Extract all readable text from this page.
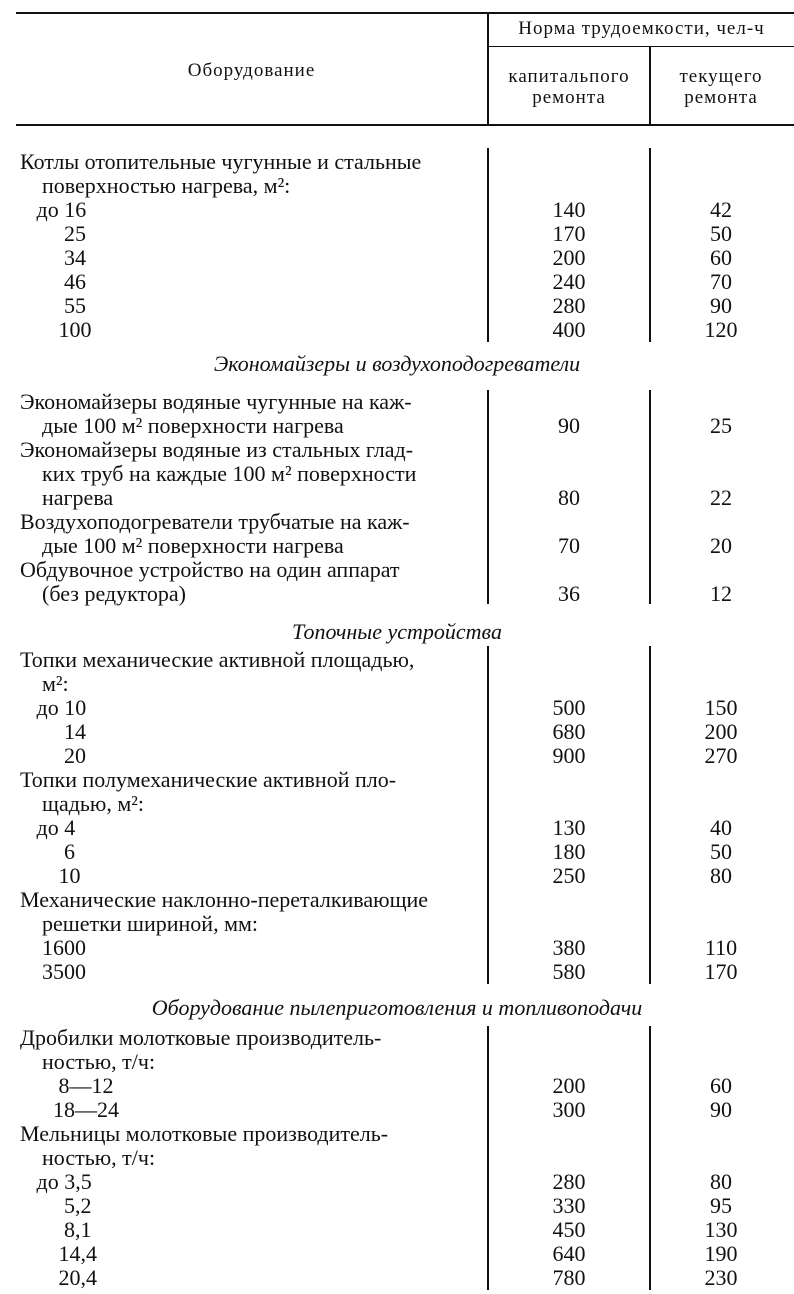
Оборудование
Норма трудоемкости, чел-ч
капитальпого ремонта
текущего ремонта
Экономайзеры и воздухоподогреватели
Топочные устройства
Оборудование пылеприготовления и топливоподачи
Котлы отопительные чугунные и стальные
поверхностью нагрева, м²:
до 16	140	42
25	170	50
34	200	60
46	240	70
55	280	90
100	400	120
Экономайзеры водяные чугунные на каж-
дые 100 м² поверхности нагрева	90	25
Экономайзеры водяные из стальных глад-
ких труб на каждые 100 м² поверхности
нагрева	80	22
Воздухоподогреватели трубчатые на каж-
дые 100 м² поверхности нагрева	70	20
Обдувочное устройство на один аппарат
(без редуктора)	36	12
Топки механические активной площадью,
м²:
до 10	500	150
14	680	200
20	900	270
Топки полумеханические активной пло-
щадью, м²:
до 4	130	40
6	180	50
10	250	80
Механические наклонно-переталкивающие
решетки шириной, мм:
1600	380	110
3500	580	170
Дробилки молотковые производитель-
ностью, т/ч:
8—12	200	60
18—24	300	90
Мельницы молотковые производитель-
ностью, т/ч:
до 3,5	280	80
5,2	330	95
8,1	450	130
14,4	640	190
20,4	780	230
